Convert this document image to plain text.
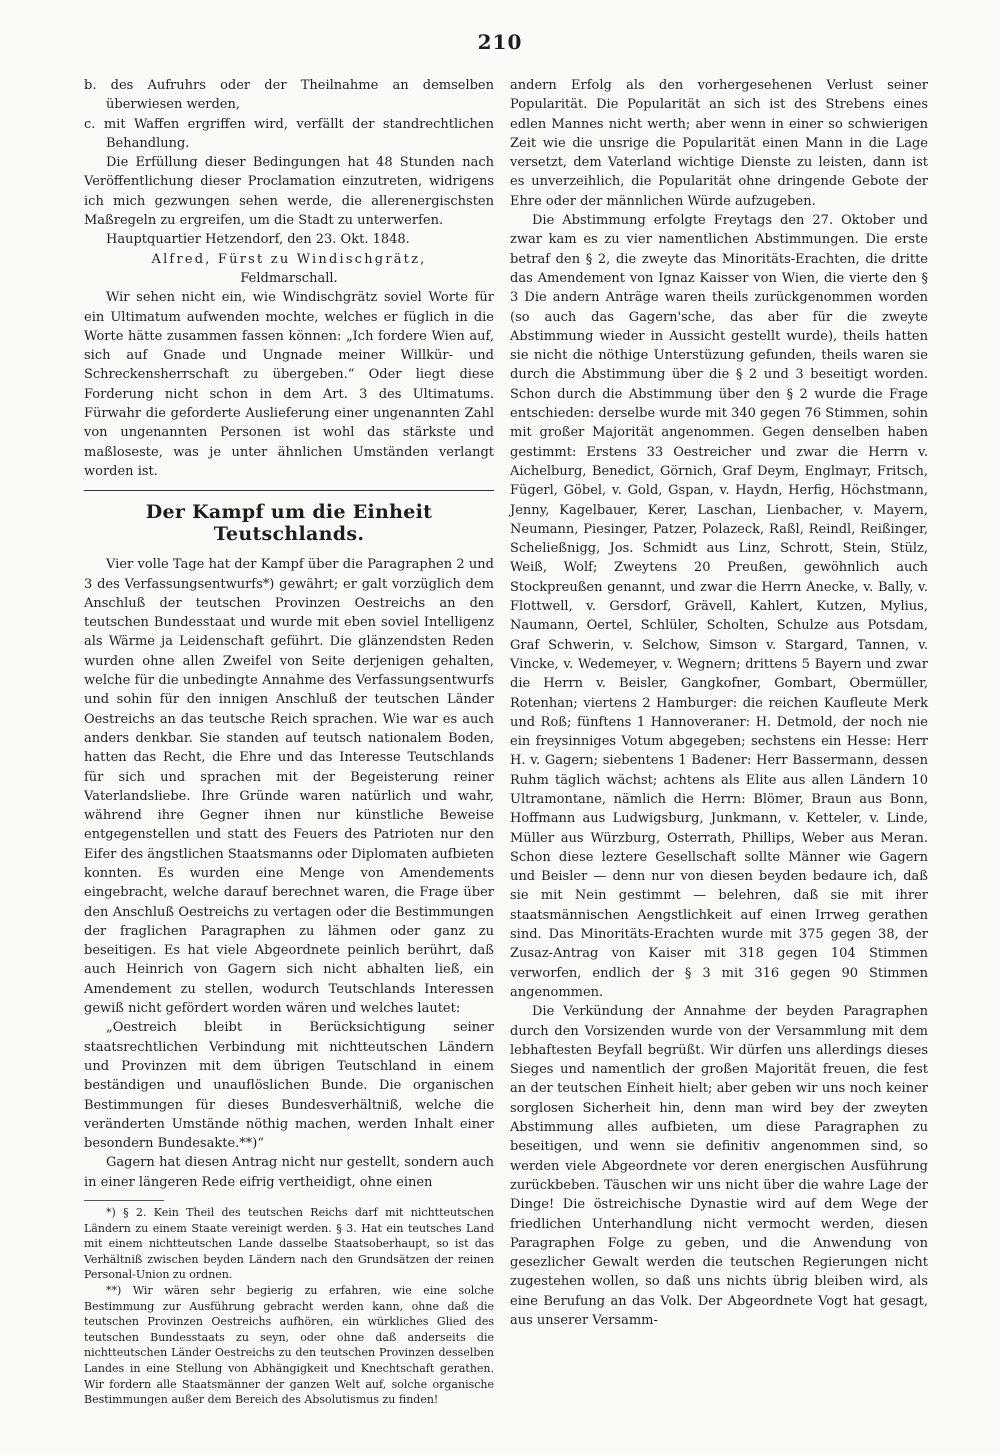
210

b. des Aufruhrs oder der Theilnahme an demselben überwiesen werden,

c. mit Waffen ergriffen wird, verfällt der standrechtlichen Behandlung.

Die Erfüllung dieser Bedingungen hat 48 Stunden nach Veröffentlichung dieser Proclamation einzutreten, widrigens ich mich gezwungen sehen werde, die allerenergischsten Maßregeln zu ergreifen, um die Stadt zu unterwerfen.

Hauptquartier Hetzendorf, den 23. Okt. 1848.

Alfred, Fürst zu Windischgrätz,

Feldmarschall.

Wir sehen nicht ein, wie Windischgrätz soviel Worte für ein Ultimatum aufwenden mochte, welches er füglich in die Worte hätte zusammen fassen können: „Ich fordere Wien auf, sich auf Gnade und Ungnade meiner Willkür- und Schreckensherrschaft zu übergeben.“ Oder liegt diese Forderung nicht schon in dem Art. 3 des Ultimatums. Fürwahr die geforderte Auslieferung einer ungenannten Zahl von ungenannten Personen ist wohl das stärkste und maßloseste, was je unter ähnlichen Umständen verlangt worden ist.

Der Kampf um die Einheit Teutschlands.

Vier volle Tage hat der Kampf über die Paragraphen 2 und 3 des Verfassungsentwurfs*) gewährt; er galt vorzüglich dem Anschluß der teutschen Provinzen Oestreichs an den teutschen Bundesstaat und wurde mit eben soviel Intelligenz als Wärme ja Leidenschaft geführt. Die glänzendsten Reden wurden ohne allen Zweifel von Seite derjenigen gehalten, welche für die unbedingte Annahme des Verfassungsentwurfs und sohin für den innigen Anschluß der teutschen Länder Oestreichs an das teutsche Reich sprachen. Wie war es auch anders denkbar. Sie standen auf teutsch nationalem Boden, hatten das Recht, die Ehre und das Interesse Teutschlands für sich und sprachen mit der Begeisterung reiner Vaterlandsliebe. Ihre Gründe waren natürlich und wahr, während ihre Gegner ihnen nur künstliche Beweise entgegenstellen und statt des Feuers des Patrioten nur den Eifer des ängstlichen Staatsmanns oder Diplomaten aufbieten konnten. Es wurden eine Menge von Amendements eingebracht, welche darauf berechnet waren, die Frage über den Anschluß Oestreichs zu vertagen oder die Bestimmungen der fraglichen Paragraphen zu lähmen oder ganz zu beseitigen. Es hat viele Abgeordnete peinlich berührt, daß auch Heinrich von Gagern sich nicht abhalten ließ, ein Amendement zu stellen, wodurch Teutschlands Interessen gewiß nicht gefördert worden wären und welches lautet:

„Oestreich bleibt in Berücksichtigung seiner staatsrechtlichen Verbindung mit nichtteutschen Ländern und Provinzen mit dem übrigen Teutschland in einem beständigen und unauflöslichen Bunde. Die organischen Bestimmungen für dieses Bundesverhältniß, welche die veränderten Umstände nöthig machen, werden Inhalt einer besondern Bundesakte.**)“

Gagern hat diesen Antrag nicht nur gestellt, sondern auch in einer längeren Rede eifrig vertheidigt, ohne einen

*) § 2. Kein Theil des teutschen Reichs darf mit nichtteutschen Ländern zu einem Staate vereinigt werden. § 3. Hat ein teutsches Land mit einem nichtteutschen Lande dasselbe Staatsoberhaupt, so ist das Verhältniß zwischen beyden Ländern nach den Grundsätzen der reinen Personal-Union zu ordnen.

**) Wir wären sehr begierig zu erfahren, wie eine solche Bestimmung zur Ausführung gebracht werden kann, ohne daß die teutschen Provinzen Oestreichs aufhören, ein würkliches Glied des teutschen Bundesstaats zu seyn, oder ohne daß anderseits die nichtteutschen Länder Oestreichs zu den teutschen Provinzen desselben Landes in eine Stellung von Abhängigkeit und Knechtschaft gerathen. Wir fordern alle Staatsmänner der ganzen Welt auf, solche organische Bestimmungen außer dem Bereich des Absolutismus zu finden!

andern Erfolg als den vorhergesehenen Verlust seiner Popularität. Die Popularität an sich ist des Strebens eines edlen Mannes nicht werth; aber wenn in einer so schwierigen Zeit wie die unsrige die Popularität einen Mann in die Lage versetzt, dem Vaterland wichtige Dienste zu leisten, dann ist es unverzeihlich, die Popularität ohne dringende Gebote der Ehre oder der männlichen Würde aufzugeben.

Die Abstimmung erfolgte Freytags den 27. Oktober und zwar kam es zu vier namentlichen Abstimmungen. Die erste betraf den § 2, die zweyte das Minoritäts-Erachten, die dritte das Amendement von Ignaz Kaisser von Wien, die vierte den § 3 Die andern Anträge waren theils zurückgenommen worden (so auch das Gagern'sche, das aber für die zweyte Abstimmung wieder in Aussicht gestellt wurde), theils hatten sie nicht die nöthige Unterstüzung gefunden, theils waren sie durch die Abstimmung über die § 2 und 3 beseitigt worden. Schon durch die Abstimmung über den § 2 wurde die Frage entschieden: derselbe wurde mit 340 gegen 76 Stimmen, sohin mit großer Majorität angenommen. Gegen denselben haben gestimmt: Erstens 33 Oestreicher und zwar die Herrn v. Aichelburg, Benedict, Görnich, Graf Deym, Englmayr, Fritsch, Fügerl, Göbel, v. Gold, Gspan, v. Haydn, Herfig, Höchstmann, Jenny, Kagelbauer, Kerer, Laschan, Lienbacher, v. Mayern, Neumann, Piesinger, Patzer, Polazeck, Raßl, Reindl, Reißinger, Scheließnigg, Jos. Schmidt aus Linz, Schrott, Stein, Stülz, Weiß, Wolf; Zweytens 20 Preußen, gewöhnlich auch Stockpreußen genannt, und zwar die Herrn Anecke, v. Bally, v. Flottwell, v. Gersdorf, Grävell, Kahlert, Kutzen, Mylius, Naumann, Oertel, Schlüler, Scholten, Schulze aus Potsdam, Graf Schwerin, v. Selchow, Simson v. Stargard, Tannen, v. Vincke, v. Wedemeyer, v. Wegnern; drittens 5 Bayern und zwar die Herrn v. Beisler, Gangkofner, Gombart, Obermüller, Rotenhan; viertens 2 Hamburger: die reichen Kaufleute Merk und Roß; fünftens 1 Hannoveraner: H. Detmold, der noch nie ein freysinniges Votum abgegeben; sechstens ein Hesse: Herr H. v. Gagern; siebentens 1 Badener: Herr Bassermann, dessen Ruhm täglich wächst; achtens als Elite aus allen Ländern 10 Ultramontane, nämlich die Herrn: Blömer, Braun aus Bonn, Hoffmann aus Ludwigsburg, Junkmann, v. Ketteler, v. Linde, Müller aus Würzburg, Osterrath, Phillips, Weber aus Meran. Schon diese leztere Gesellschaft sollte Männer wie Gagern und Beisler — denn nur von diesen beyden bedaure ich, daß sie mit Nein gestimmt — belehren, daß sie mit ihrer staatsmännischen Aengstlichkeit auf einen Irrweg gerathen sind. Das Minoritäts-Erachten wurde mit 375 gegen 38, der Zusaz-Antrag von Kaiser mit 318 gegen 104 Stimmen verworfen, endlich der § 3 mit 316 gegen 90 Stimmen angenommen.

Die Verkündung der Annahme der beyden Paragraphen durch den Vorsizenden wurde von der Versammlung mit dem lebhaftesten Beyfall begrüßt. Wir dürfen uns allerdings dieses Sieges und namentlich der großen Majorität freuen, die fest an der teutschen Einheit hielt; aber geben wir uns noch keiner sorglosen Sicherheit hin, denn man wird bey der zweyten Abstimmung alles aufbieten, um diese Paragraphen zu beseitigen, und wenn sie definitiv angenommen sind, so werden viele Abgeordnete vor deren energischen Ausführung zurückbeben. Täuschen wir uns nicht über die wahre Lage der Dinge! Die östreichische Dynastie wird auf dem Wege der friedlichen Unterhandlung nicht vermocht werden, diesen Paragraphen Folge zu geben, und die Anwendung von gesezlicher Gewalt werden die teutschen Regierungen nicht zugestehen wollen, so daß uns nichts übrig bleiben wird, als eine Berufung an das Volk. Der Abgeordnete Vogt hat gesagt, aus unserer Versamm-
